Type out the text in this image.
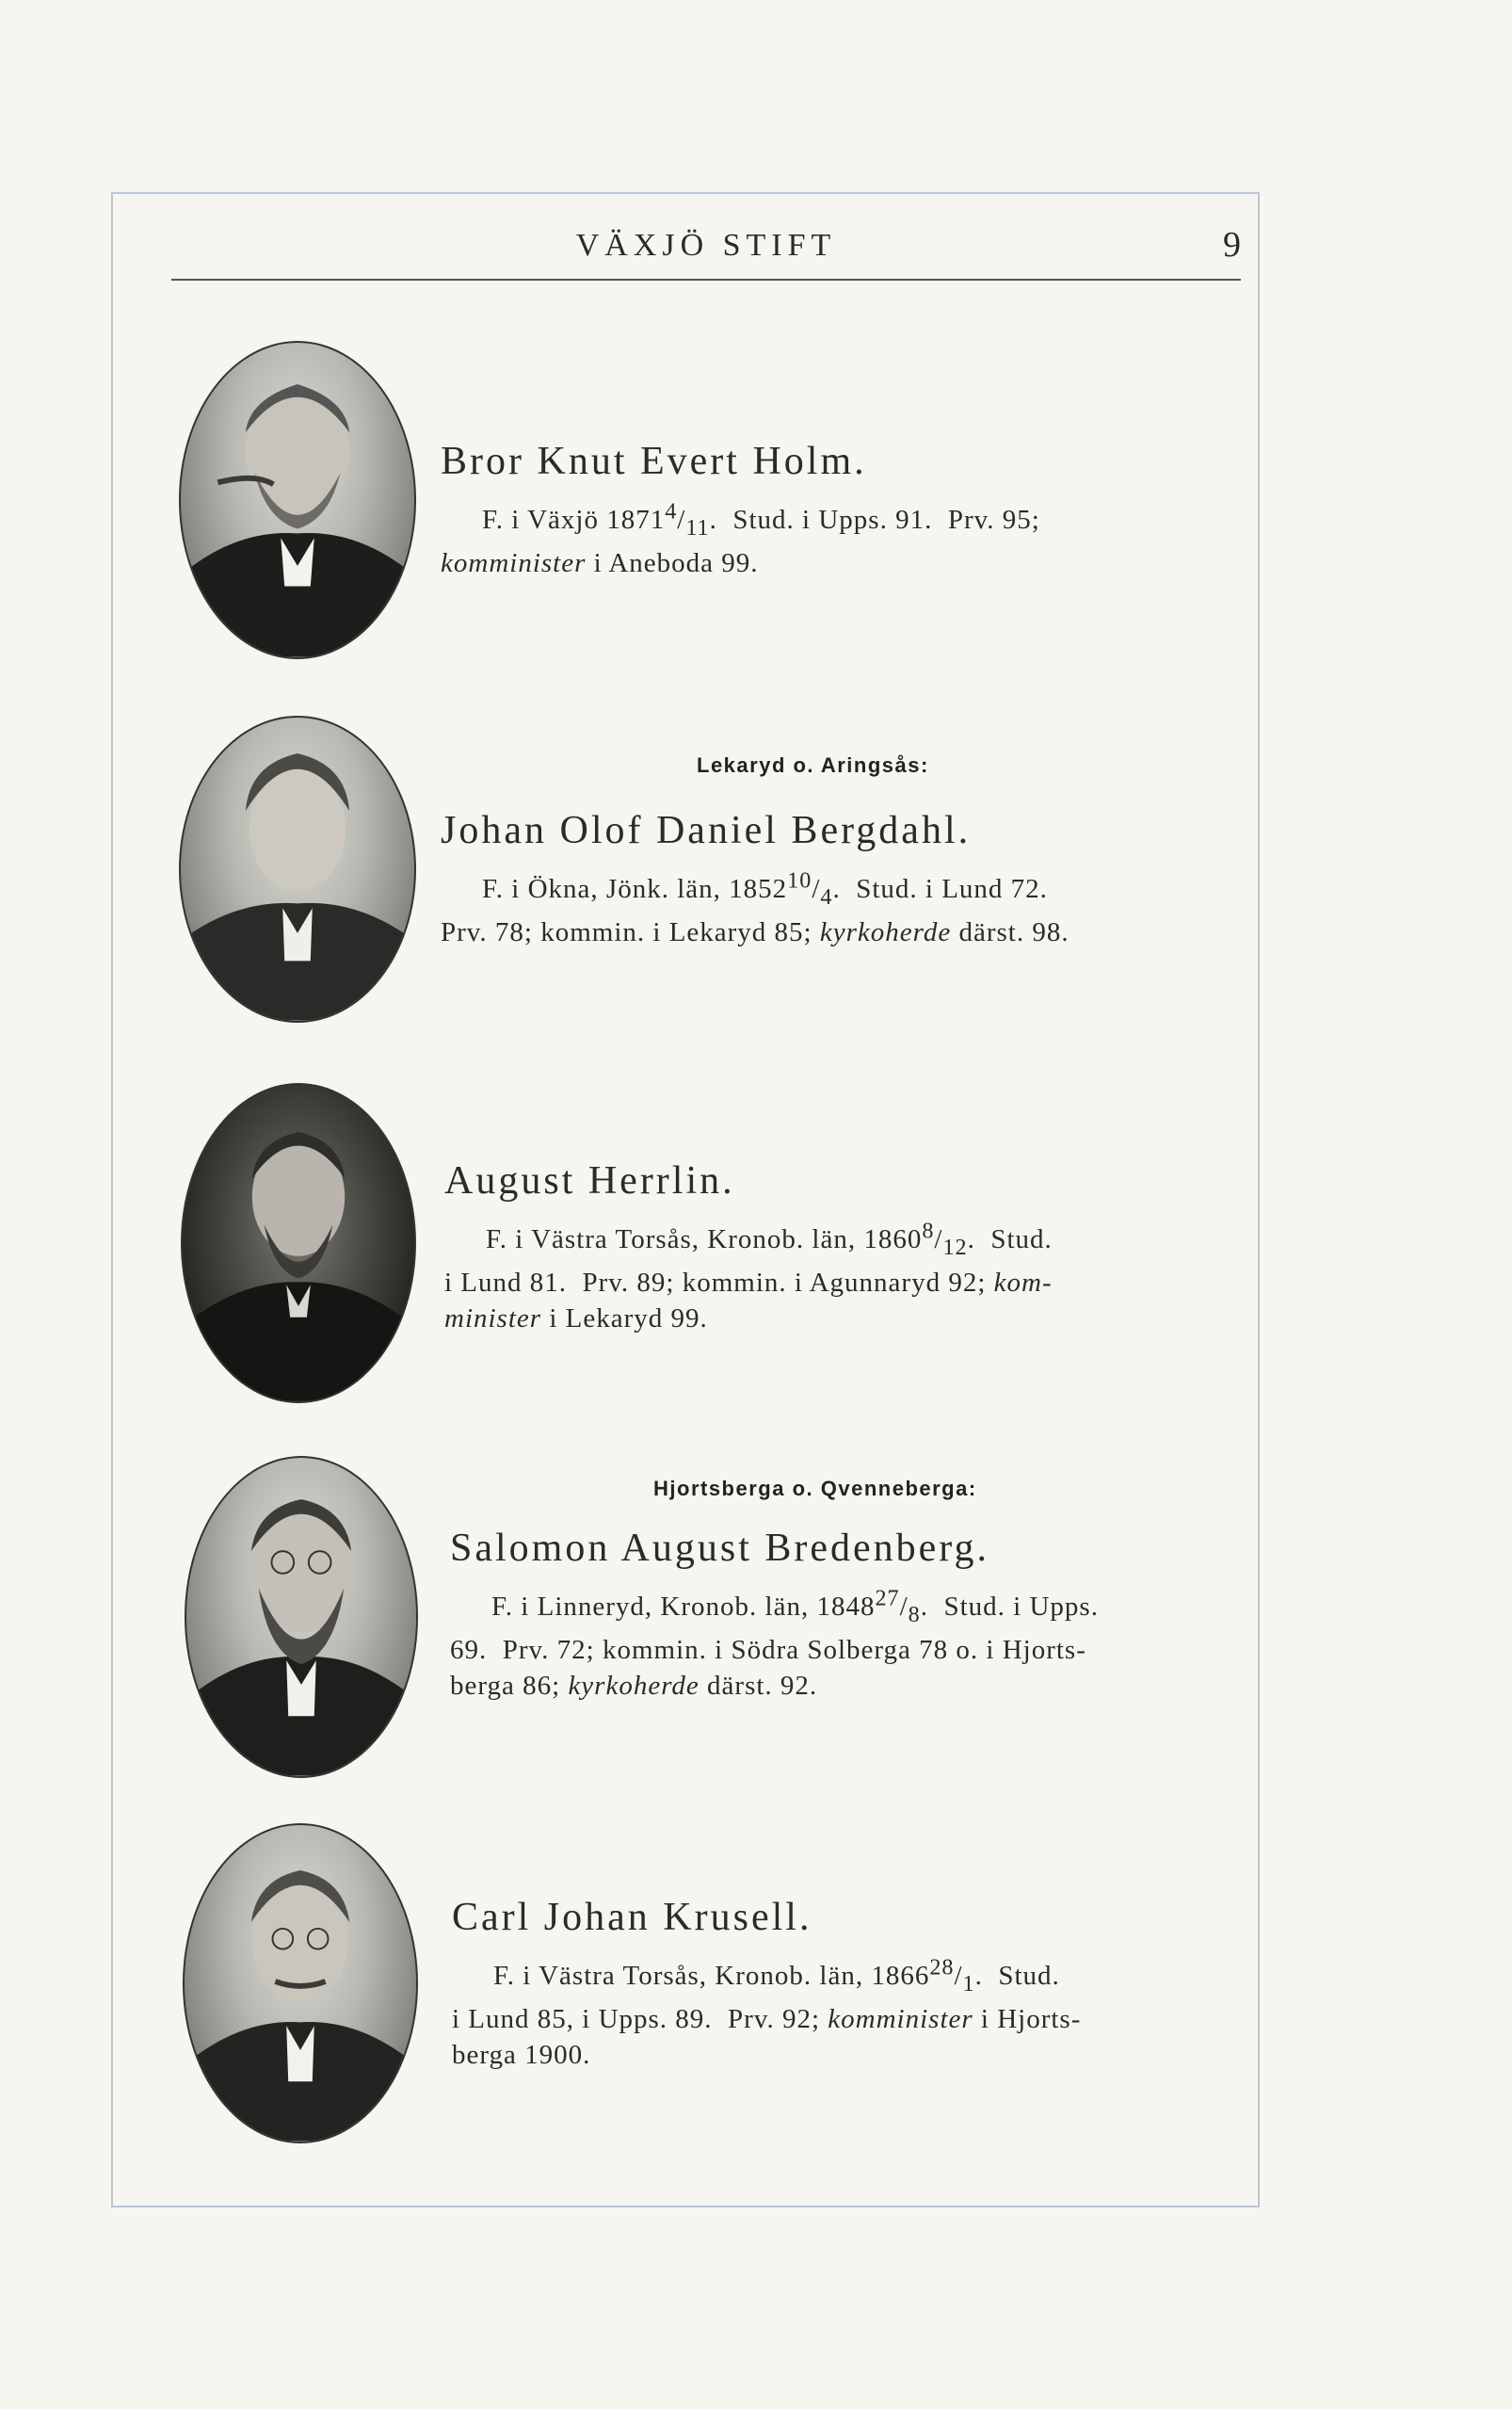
VÄXJÖ STIFT	9
Bror Knut Evert Holm.

F. i Växjö $1871^4/_{11}$.  Stud. i Upps. 91.  Prv. 95;
komminister i Aneboda 99.

Lekaryd o. Aringsås:
Johan Olof Daniel Bergdahl.

F. i Ökna, Jönk. län, $1852^{10}/_4$.  Stud. i Lund 72.
Prv. 78; kommin. i Lekaryd 85; kyrkoherde därst. 98.

August Herrlin.

F. i Västra Torsås, Kronob. län, $1860^8/_{12}$.  Stud.
i Lund 81.  Prv. 89; kommin. i Agunnaryd 92; kom-
minister i Lekaryd 99.

Hjortsberga o. Qvenneberga:
Salomon August Bredenberg.

F. i Linneryd, Kronob. län, $1848^{27}/_8$.  Stud. i Upps.
69.  Prv. 72; kommin. i Södra Solberga 78 o. i Hjorts-
berga 86; kyrkoherde därst. 92.

Carl Johan Krusell.

F. i Västra Torsås, Kronob. län, $1866^{28}/_1$.  Stud.
i Lund 85, i Upps. 89.  Prv. 92; komminister i Hjorts-
berga 1900.
